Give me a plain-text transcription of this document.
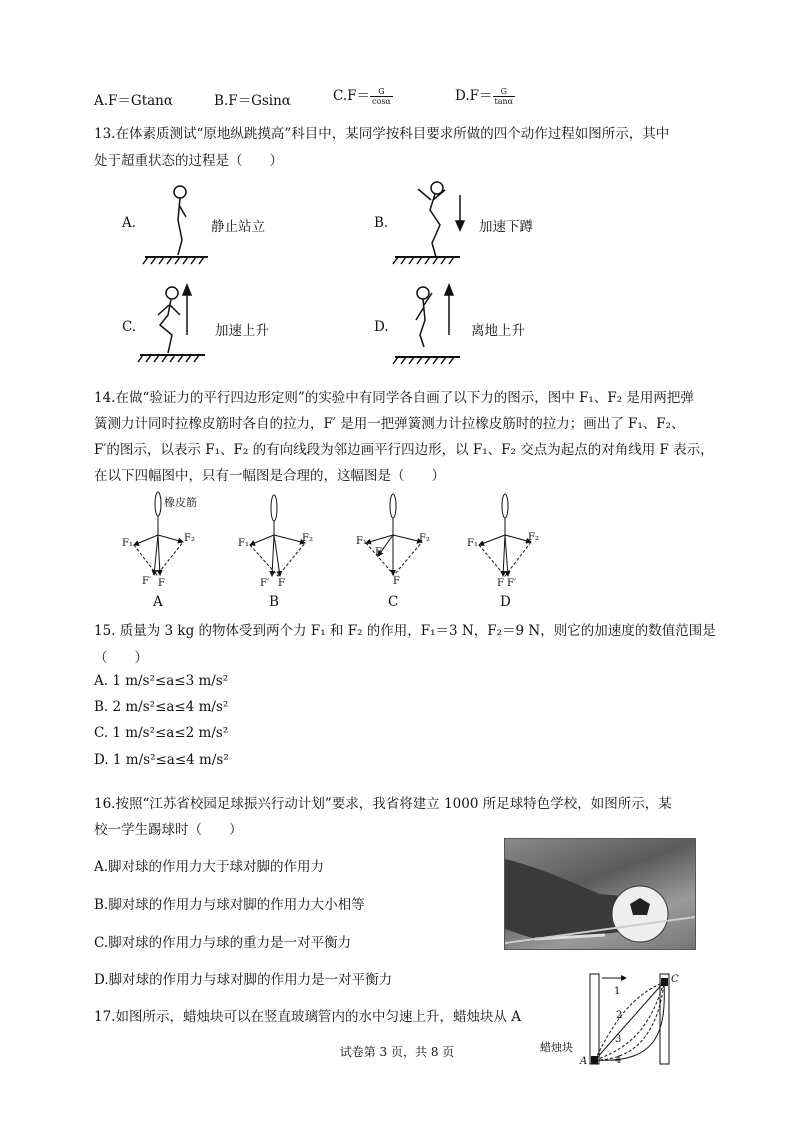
A.F＝Gtanα	B.F＝Gsinα	$C.F= \frac{G}{\cos\alpha}$	$D.F= \frac{G}{\tan\alpha}$
13.在体素质测试“原地纵跳摸高”科目中，某同学按科目要求所做的四个动作过程如图所示，其中
处于超重状态的过程是（　　）
A.	静止站立	B.	加速下蹲
C.	加速上升	D.	离地上升
14.在做“验证力的平行四边形定则”的实验中有同学各自画了以下力的图示，图中 F₁、F₂ 是用两把弹
簧测力计同时拉橡皮筋时各自的拉力，F′ 是用一把弹簧测力计拉橡皮筋时的拉力；画出了 F₁、F₂、
F′的图示，以表示 F₁、F₂ 的有向线段为邻边画平行四边形，以 F₁、F₂ 交点为起点的对角线用 F 表示，
在以下四幅图中，只有一幅图是合理的，这幅图是（　　）
橡皮筋
F₁	F₂
F′ F
F₁	F₂
F′ F
F₁	F₂
F′
F
F₁
F₂
F F′
A	B	C	D
15. 质量为 3 kg 的物体受到两个力 F₁ 和 F₂ 的作用，F₁＝3 N，F₂＝9 N，则它的加速度的数值范围是
（　　）
A. 1 m/s²≤a≤3 m/s²
B. 2 m/s²≤a≤4 m/s²
C. 1 m/s²≤a≤2 m/s²
D. 1 m/s²≤a≤4 m/s²
16.按照“江苏省校园足球振兴行动计划”要求，我省将建立 1000 所足球特色学校，如图所示，某
校一学生踢球时（　　）
A.脚对球的作用力大于球对脚的作用力
B.脚对球的作用力与球对脚的作用力大小相等
C.脚对球的作用力与球的重力是一对平衡力
D.脚对球的作用力与球对脚的作用力是一对平衡力
17.如图所示，蜡烛块可以在竖直玻璃管内的水中匀速上升，蜡烛块从 A
C
蜡烛块
A
1
2
3
4
试卷第 3 页，共 8 页
